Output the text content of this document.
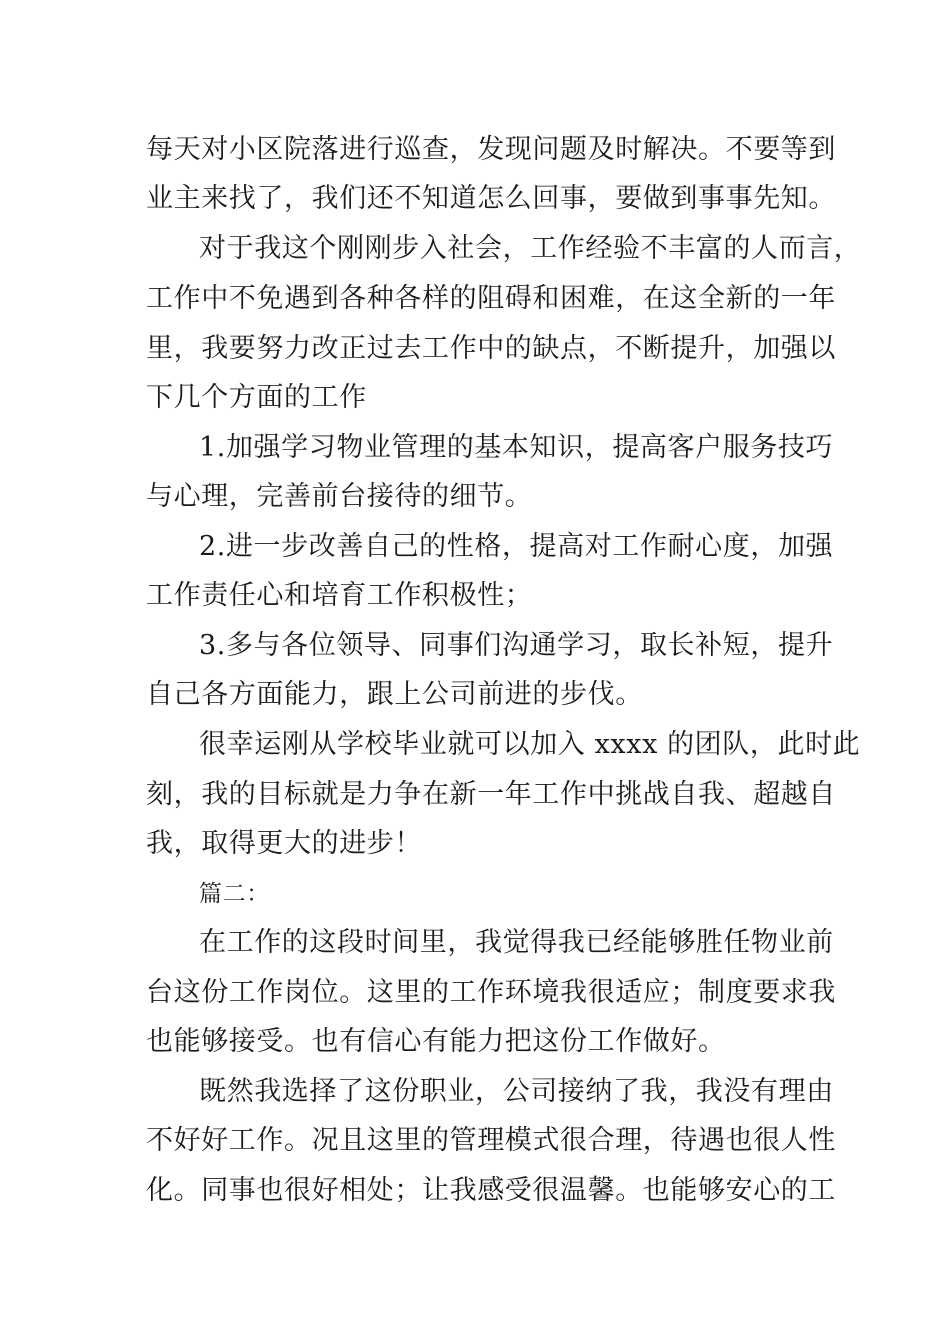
每天对小区院落进行巡查，发现问题及时解决。不要等到
业主来找了，我们还不知道怎么回事，要做到事事先知。
对于我这个刚刚步入社会，工作经验不丰富的人而言，
工作中不免遇到各种各样的阻碍和困难，在这全新的一年
里，我要努力改正过去工作中的缺点，不断提升，加强以
下几个方面的工作
1.加强学习物业管理的基本知识，提高客户服务技巧
与心理，完善前台接待的细节。
2.进一步改善自己的性格，提高对工作耐心度，加强
工作责任心和培育工作积极性；
3.多与各位领导、同事们沟通学习，取长补短，提升
自己各方面能力，跟上公司前进的步伐。
很幸运刚从学校毕业就可以加入 xxxx 的团队，此时此
刻，我的目标就是力争在新一年工作中挑战自我、超越自
我，取得更大的进步！
篇二：
在工作的这段时间里，我觉得我已经能够胜任物业前
台这份工作岗位。这里的工作环境我很适应；制度要求我
也能够接受。也有信心有能力把这份工作做好。
既然我选择了这份职业，公司接纳了我，我没有理由
不好好工作。况且这里的管理模式很合理，待遇也很人性
化。同事也很好相处；让我感受很温馨。也能够安心的工
